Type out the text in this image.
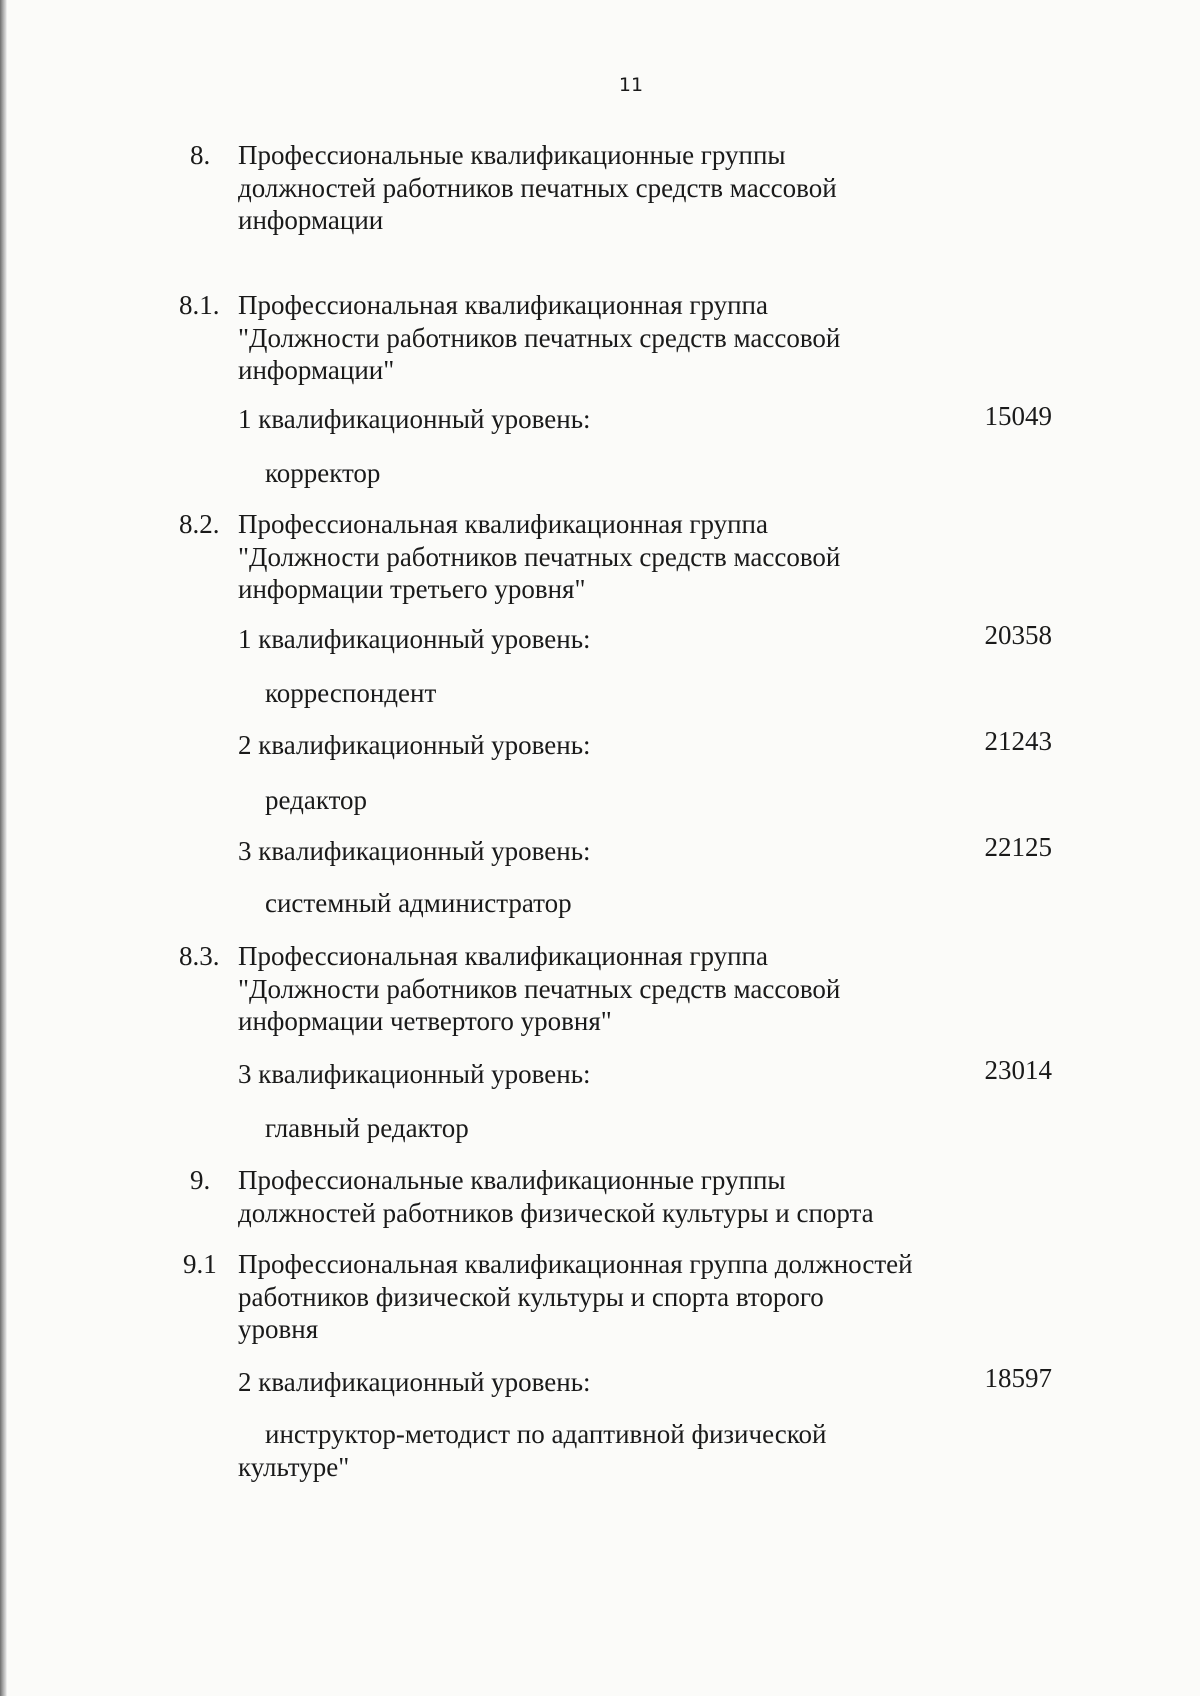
11
8. Профессиональные квалификационные группы
должностей работников печатных средств массовой
информации
8.1. Профессиональная квалификационная группа
"Должности работников печатных средств массовой
информации"
1 квалификационный уровень:	15049
корректор
8.2. Профессиональная квалификационная группа
"Должности работников печатных средств массовой
информации третьего уровня"
1 квалификационный уровень:	20358
корреспондент
2 квалификационный уровень:	21243
редактор
3 квалификационный уровень:	22125
системный администратор
8.3. Профессиональная квалификационная группа
"Должности работников печатных средств массовой
информации четвертого уровня"
3 квалификационный уровень:	23014
главный редактор
9. Профессиональные квалификационные группы
должностей работников физической культуры и спорта
9.1 Профессиональная квалификационная группа должностей
работников физической культуры и спорта второго
уровня
2 квалификационный уровень:	18597
инструктор-методист по адаптивной физической
культуре"
